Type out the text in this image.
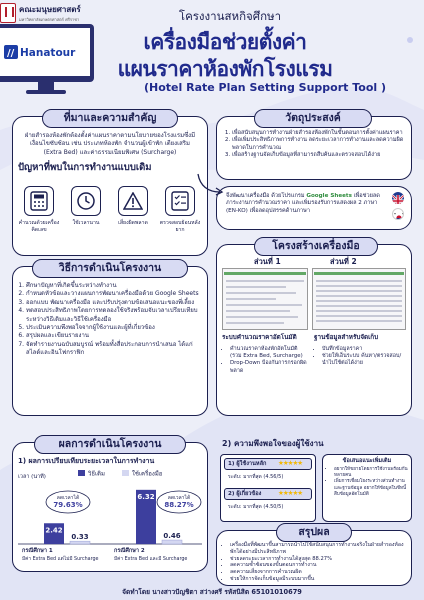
// Hanatour
คณะมนุษยศาสตร์
มหาวิทยาลัยเกษตรศาสตร์ ศรีราชา	โครงงานสหกิจศึกษา
เครื่องมือช่วยตั้งค่า
แผนราคาห้องพักโรงแรม
(Hotel Rate Plan Setting Support Tool )
ที่มาและความสำคัญ
ฝ่ายสำรองห้องพักต้องตั้งค่าแผนราคาตามนโยบายของโรงแรมซึ่งมีเงื่อนไขซับซ้อน เช่น ประเภทห้องพัก จำนวนผู้เข้าพัก เตียงเสริม (Extra Bed) และค่าธรรมเนียมพิเศษ (Surcharge)
ปัญหาที่พบในการทำงานแบบเดิม
คำนวณด้วยเครื่องคิดเลข
ใช้เวลานาน	เสี่ยงผิดพลาด	ตรวจสอบย้อนหลังยาก
วัตถุประสงค์
1. เพื่อสนับสนุนการทำงานฝ่ายสำรองห้องพักในขั้นตอนการตั้งค่าแผนราคา
2. เพื่อเพิ่มประสิทธิภาพการทำงาน ลดระยะเวลาการทำงานและลดความผิดพลาดในการคำนวณ
3. เพื่อสร้างฐานจัดเก็บข้อมูลที่สามารถสืบค้นและตรวจสอบได้ง่าย
จึงพัฒนาเครื่องมือ ด้วยโปรแกรม Google Sheets เพื่อช่วยลดภาระงานการคำนวณราคา และเพิ่มรองรับการแสดงผล 2 ภาษา (EN-KO) เพื่อลดอุปสรรคด้านภาษา
วิธีการดำเนินโครงงาน
1. ศึกษาปัญหาที่เกิดขึ้นระหว่างทำงาน
2. กำหนดหัวข้อและวางแผนการพัฒนาเครื่องมือด้วย Google Sheets
3. ออกแบบ พัฒนาเครื่องมือ และปรับปรุงตามข้อเสนอแนะของพี่เลี้ยง
4. ทดสอบประสิทธิภาพโดยการทดลองใช้จริงพร้อมจับเวลาเปรียบเทียบระหว่างวิธีเดิมและวิธีใช้เครื่องมือ
5. ประเมินความพึงพอใจจากผู้ใช้งานและผู้ที่เกี่ยวข้อง
6. สรุปผลและเขียนรายงาน
7. จัดทำรายงานฉบับสมบูรณ์ พร้อมทั้งสื่อประกอบการนำเสนอ ได้แก่ สไลด์และอินโฟกราฟิก
โครงสร้างเครื่องมือ
ส่วนที่ 1	ส่วนที่ 2
ระบบคำนวณราคาอัตโนมัติ	ฐานข้อมูลสำหรับจัดเก็บ
• คำนวณราคาห้องพักอัตโนมัติ (รวม Extra Bed, Surcharge)
• Drop-Down ป้องกันการกรอกผิดพลาด
• บันทึกข้อมูลราคา
• ช่วยให้เอ็นระบบ ค้นหา/ตรวจสอบ/นำไปใช้ต่อได้ง่าย
ผลการดำเนินโครงงาน
1) ผลการเปรียบเทียบระยะเวลาในการทำงาน
เวลา (นาที)	วิธีเดิม	ใช้เครื่องมือ
2.42
0.33
6.32
0.46
ลดเวลาได้
79.63%
ลดเวลาได้
88.27%
กรณีศึกษา 1
มีค่า Extra Bed แต่ไม่มี Surcharge
กรณีศึกษา 2
มีค่า Extra Bed และมี Surcharge
2) ความพึงพอใจของผู้ใช้งาน
1) ผู้ใช้งานหลัก ★★★★★
ระดับ: มากที่สุด (4.56/5)
2) ผู้เกี่ยวข้อง	★★★★★
ระดับ: มากที่สุด (4.50/5)
ข้อเสนอแนะเพิ่มเติม
• อยากให้ขยายโดยการใช้งานพร้อมกันหลายคน
• เพิ่มการเชื่อมโยงระหว่างส่วนทำงานและฐานข้อมูล อยากให้ข้อมูลในชีทนี้สืบข้อมูลอัตโนมัติ
สรุปผล
• เครื่องมือที่พัฒนาขึ้นสามารถนำไปใช้สนับสนุนการทำงานจริงในฝ่ายสำรองห้องพักได้อย่างมีประสิทธิภาพ
• ช่วยลดระยะเวลาการทำงานได้สูงสุด 88.27%
• ลดความซ้ำซ้อนของขั้นตอนการทำงาน
• ลดความเสี่ยงจากการคำนวณผิด
• ช่วยให้การจัดเก็บข้อมูลมีระบบมากขึ้น
จัดทำโดย นางสาวปัญชิตา สว่างศรี รหัสนิสิต 65101010679
